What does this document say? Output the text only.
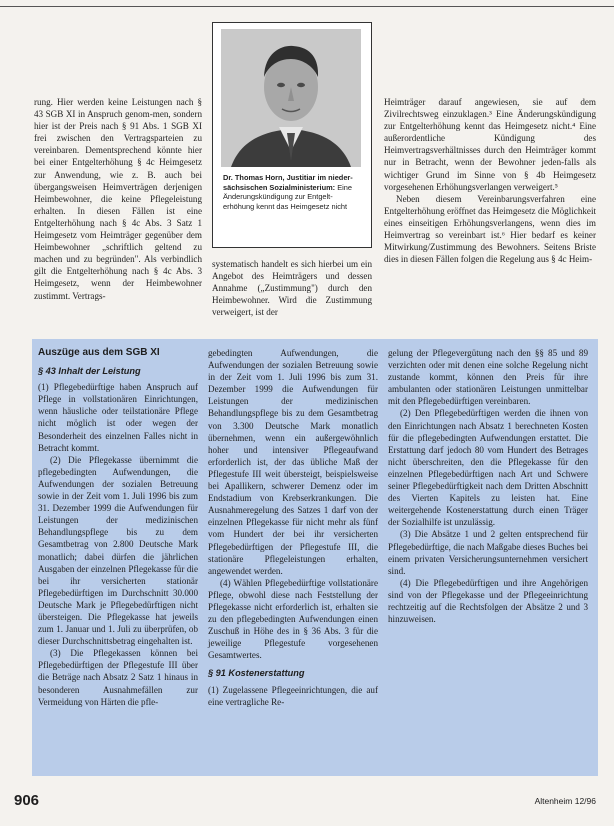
rung. Hier werden keine Leistungen nach § 43 SGB XI in Anspruch genom-men, sondern hier ist der Preis nach § 91 Abs. 1 SGB XI frei zwischen den Vertragsparteien zu vereinbaren. Dementsprechend könnte hier bei einer Entgelterhöhung § 4c Heimgesetz zur Anwendung, wie z. B. auch bei übergangsweisen Heimverträgen derjenigen Heimbewohner, die keine Pflegeleistung erhalten. In diesen Fällen ist eine Entgelterhöhung nach § 4c Abs. 3 Satz 1 Heimgesetz vom Heimträger gegenüber dem Heimbewohner „schriftlich geltend zu machen und zu begründen". Als verbindlich gilt die Entgelterhöhung nach § 4c Abs. 3 Heimgesetz, wenn der Heimbewohner zustimmt. Vertrags-

Dr. Thomas Horn, Justitiar im nieder-sächsischen Sozialministerium: Eine Änderungskündigung zur Entgelt-erhöhung kennt das Heimgesetz nicht

systematisch handelt es sich hierbei um ein Angebot des Heimträgers und dessen Annahme („Zustimmung") durch den Heimbewohner. Wird die Zustimmung verweigert, ist der

Heimträger darauf angewiesen, sie auf dem Zivilrechtsweg einzuklagen.³ Eine Änderungskündigung zur Entgelterhöhung kennt das Heimgesetz nicht.⁴ Eine außerordentliche Kündigung des Heimvertragsverhältnisses durch den Heimträger kommt nur in Betracht, wenn der Bewohner jeden-falls als wichtiger Grund im Sinne von § 4b Heimgesetz vorgesehenen Erhöhungsverlangen verweigert.⁵

Neben diesem Vereinbarungsverfahren eine Entgelterhöhung eröffnet das Heimgesetz die Möglichkeit eines einseitigen Erhöhungsverlangens, wenn dies im Heimvertrag so vereinbart ist.⁶ Hier bedarf es keiner Mitwirkung/Zustimmung des Bewohners. Seitens Briste dies in diesen Fällen folgen die Regelung aus § 4c Heim-

Auszüge aus dem SGB XI
§ 43 Inhalt der Leistung

(1) Pflegebedürftige haben Anspruch auf Pflege in vollstationären Einrichtungen, wenn häusliche oder teilstationäre Pflege nicht möglich ist oder wegen der Besonderheit des einzelnen Falles nicht in Betracht kommt.

(2) Die Pflegekasse übernimmt die pflegebedingten Aufwendungen, die Aufwendungen der sozialen Betreuung sowie in der Zeit vom 1. Juli 1996 bis zum 31. Dezember 1999 die Aufwendungen für Leistungen der medizinischen Behandlungspflege bis zu dem Gesamtbetrag von 2.800 Deutsche Mark monatlich; dabei dürfen die jährlichen Ausgaben der einzelnen Pflegekasse für die bei ihr versicherten stationär Pflegebedürftigen im Durchschnitt 30.000 Deutsche Mark je Pflegebedürftigen nicht übersteigen. Die Pflegekasse hat jeweils zum 1. Januar und 1. Juli zu überprüfen, ob dieser Durchschnittsbetrag eingehalten ist.

(3) Die Pflegekassen können bei Pflegebedürftigen der Pflegestufe III über die Beträge nach Absatz 2 Satz 1 hinaus in besonderen Ausnahmefällen zur Vermeidung von Härten die pfle-

gebedingten Aufwendungen, die Aufwendungen der sozialen Betreuung sowie in der Zeit vom 1. Juli 1996 bis zum 31. Dezember 1999 die Aufwendungen für Leistungen der medizinischen Behandlungspflege bis zu dem Gesamtbetrag von 3.300 Deutsche Mark monatlich übernehmen, wenn ein außergewöhnlich hoher und intensiver Pflegeaufwand erforderlich ist, der das übliche Maß der Pflegestufe III weit übersteigt, beispielsweise bei Apallikern, schwerer Demenz oder im Endstadium von Krebserkrankungen. Die Ausnahmeregelung des Satzes 1 darf von der einzelnen Pflegekasse für nicht mehr als fünf vom Hundert der bei ihr versicherten Pflegebedürftigen der Pflegestufe III, die stationäre Pflegeleistungen erhalten, angewendet werden.

(4) Wählen Pflegebedürftige vollstationäre Pflege, obwohl diese nach Feststellung der Pflegekasse nicht erforderlich ist, erhalten sie zu den pflegebedingten Aufwendungen einen Zuschuß in Höhe des in § 36 Abs. 3 für die jeweilige Pflegestufe vorgesehenen Gesamtwertes.

§ 91 Kostenerstattung

(1) Zugelassene Pflegeeinrichtungen, die auf eine vertragliche Re-

gelung der Pflegevergütung nach den §§ 85 und 89 verzichten oder mit denen eine solche Regelung nicht zustande kommt, können den Preis für ihre ambulanten oder stationären Leistungen unmittelbar mit den Pflegebedürftigen vereinbaren.

(2) Den Pflegebedürftigen werden die ihnen von den Einrichtungen nach Absatz 1 berechneten Kosten für die pflegebedingten Aufwendungen erstattet. Die Erstattung darf jedoch 80 vom Hundert des Betrages nicht überschreiten, den die Pflegekasse für den einzelnen Pflegebedürftigen nach Art und Schwere seiner Pflegebedürftigkeit nach dem Dritten Abschnitt des Vierten Kapitels zu leisten hat. Eine weitergehende Kostenerstattung durch einen Träger der Sozialhilfe ist unzulässig.

(3) Die Absätze 1 und 2 gelten entsprechend für Pflegebedürftige, die nach Maßgabe dieses Buches bei einem privaten Versicherungsunternehmen versichert sind.

(4) Die Pflegebedürftigen und ihre Angehörigen sind von der Pflegekasse und der Pflegeeinrichtung rechtzeitig auf die Rechtsfolgen der Absätze 2 und 3 hinzuweisen.

906	Altenheim 12/96
